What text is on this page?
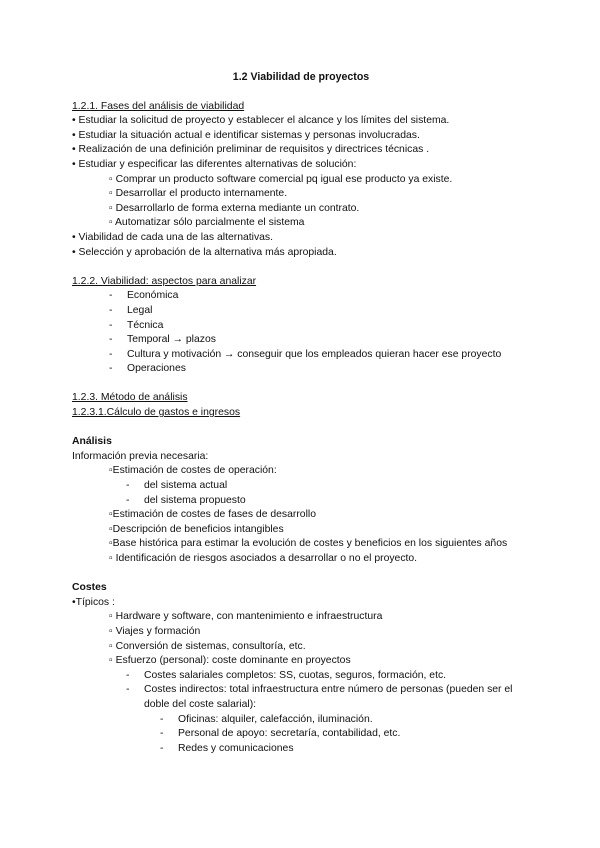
1.2 Viabilidad de proyectos
1.2.1. Fases del análisis de viabilidad
• Estudiar la solicitud de proyecto y establecer el alcance y los límites del sistema.
• Estudiar la situación actual e identificar sistemas y personas involucradas.
• Realización de una definición preliminar de requisitos y directrices técnicas .
• Estudiar y especificar las diferentes alternativas de solución:
▫ Comprar un producto software comercial pq igual ese producto ya existe.
▫ Desarrollar el producto internamente.
▫ Desarrollarlo de forma externa mediante un contrato.
▫ Automatizar sólo parcialmente el sistema
• Viabilidad de cada una de las alternativas.
• Selección y aprobación de la alternativa más apropiada.
1.2.2. Viabilidad: aspectos para analizar
-	Económica
-	Legal
-	Técnica
-	Temporal → plazos
-	Cultura y motivación → conseguir que los empleados quieran hacer ese proyecto
-	Operaciones
1.2.3. Método de análisis
1.2.3.1.Cálculo de gastos e ingresos
Análisis
Información previa necesaria:
▫Estimación de costes de operación:
-	del sistema actual
-	del sistema propuesto
▫Estimación de costes de fases de desarrollo
▫Descripción de beneficios intangibles
▫Base histórica para estimar la evolución de costes y beneficios en los siguientes años
▫ Identificación de riesgos asociados a desarrollar o no el proyecto.
Costes
•Típicos :
▫ Hardware y software, con mantenimiento e infraestructura
▫ Viajes y formación
▫ Conversión de sistemas, consultoría, etc.
▫ Esfuerzo (personal): coste dominante en proyectos
-	Costes salariales completos: SS, cuotas, seguros, formación, etc.
-	Costes indirectos: total infraestructura entre número de personas (pueden ser el doble del coste salarial):
-	Oficinas: alquiler, calefacción, iluminación.
-	Personal de apoyo: secretaría, contabilidad, etc.
-	Redes y comunicaciones
